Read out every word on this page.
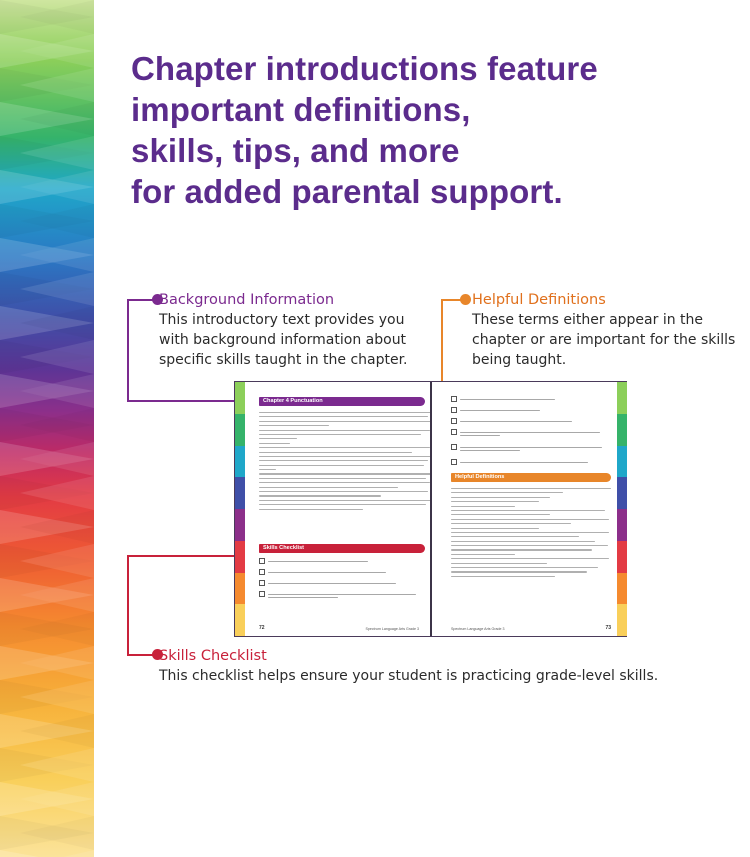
Chapter introductions feature
important definitions,
skills, tips, and more
for added parental support.
Background Information
This introductory text provides you
with background information about
specific skills taught in the chapter.
Helpful Definitions
These terms either appear in the
chapter or are important for the skills
being taught.
Skills Checklist
This checklist helps ensure your student is practicing grade-level skills.
Chapter 4 Punctuation
Skills Checklist
72	Spectrum Language Arts Grade 3
Helpful Definitions
73
Spectrum Language Arts Grade 3
